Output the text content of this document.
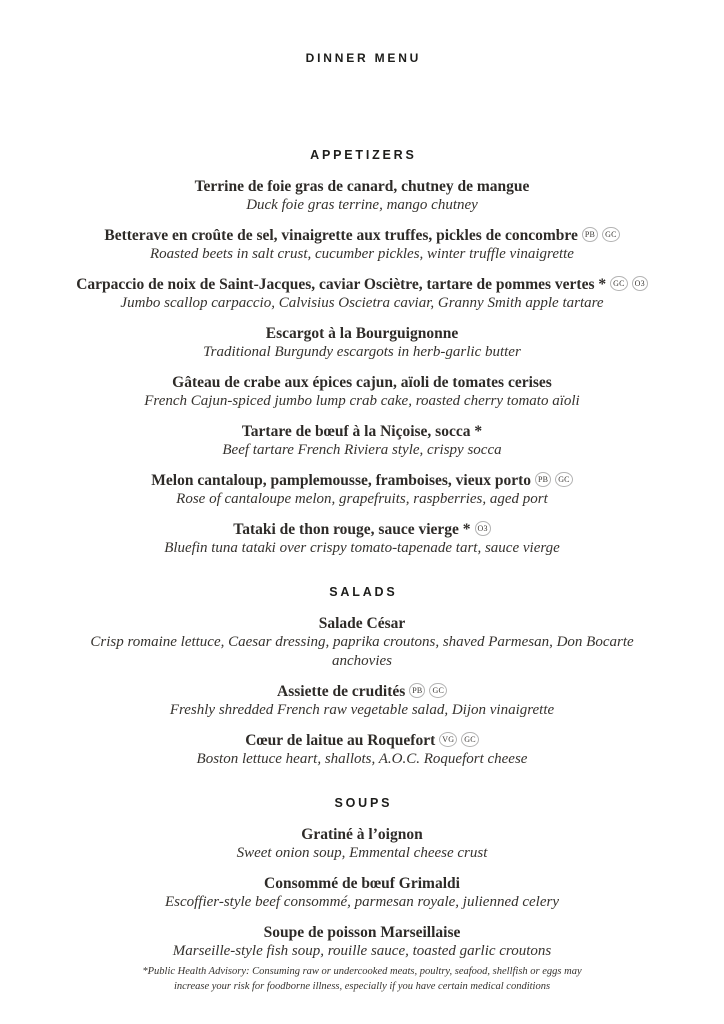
DINNER MENU
APPETIZERS
Terrine de foie gras de canard, chutney de mangue
Duck foie gras terrine, mango chutney
Betterave en croûte de sel, vinaigrette aux truffes, pickles de concombre PB GC
Roasted beets in salt crust, cucumber pickles, winter truffle vinaigrette
Carpaccio de noix de Saint-Jacques, caviar Osciètre, tartare de pommes vertes * GC O3
Jumbo scallop carpaccio, Calvisius Oscietra caviar, Granny Smith apple tartare
Escargot à la Bourguignonne
Traditional Burgundy escargots in herb-garlic butter
Gâteau de crabe aux épices cajun, aïoli de tomates cerises
French Cajun-spiced jumbo lump crab cake, roasted cherry tomato aïoli
Tartare de bœuf à la Niçoise, socca *
Beef tartare French Riviera style, crispy socca
Melon cantaloup, pamplemousse, framboises, vieux porto PB GC
Rose of cantaloupe melon, grapefruits, raspberries, aged port
Tataki de thon rouge, sauce vierge * O3
Bluefin tuna tataki over crispy tomato-tapenade tart, sauce vierge
SALADS
Salade César
Crisp romaine lettuce, Caesar dressing, paprika croutons, shaved Parmesan, Don Bocarte anchovies
Assiette de crudités PB GC
Freshly shredded French raw vegetable salad, Dijon vinaigrette
Cœur de laitue au Roquefort VG GC
Boston lettuce heart, shallots, A.O.C. Roquefort cheese
SOUPS
Gratiné à l’oignon
Sweet onion soup, Emmental cheese crust
Consommé de bœuf Grimaldi
Escoffier-style beef consommé, parmesan royale, julienned celery
Soupe de poisson Marseillaise
Marseille-style fish soup, rouille sauce, toasted garlic croutons
*Public Health Advisory: Consuming raw or undercooked meats, poultry, seafood, shellfish or eggs may increase your risk for foodborne illness, especially if you have certain medical conditions
